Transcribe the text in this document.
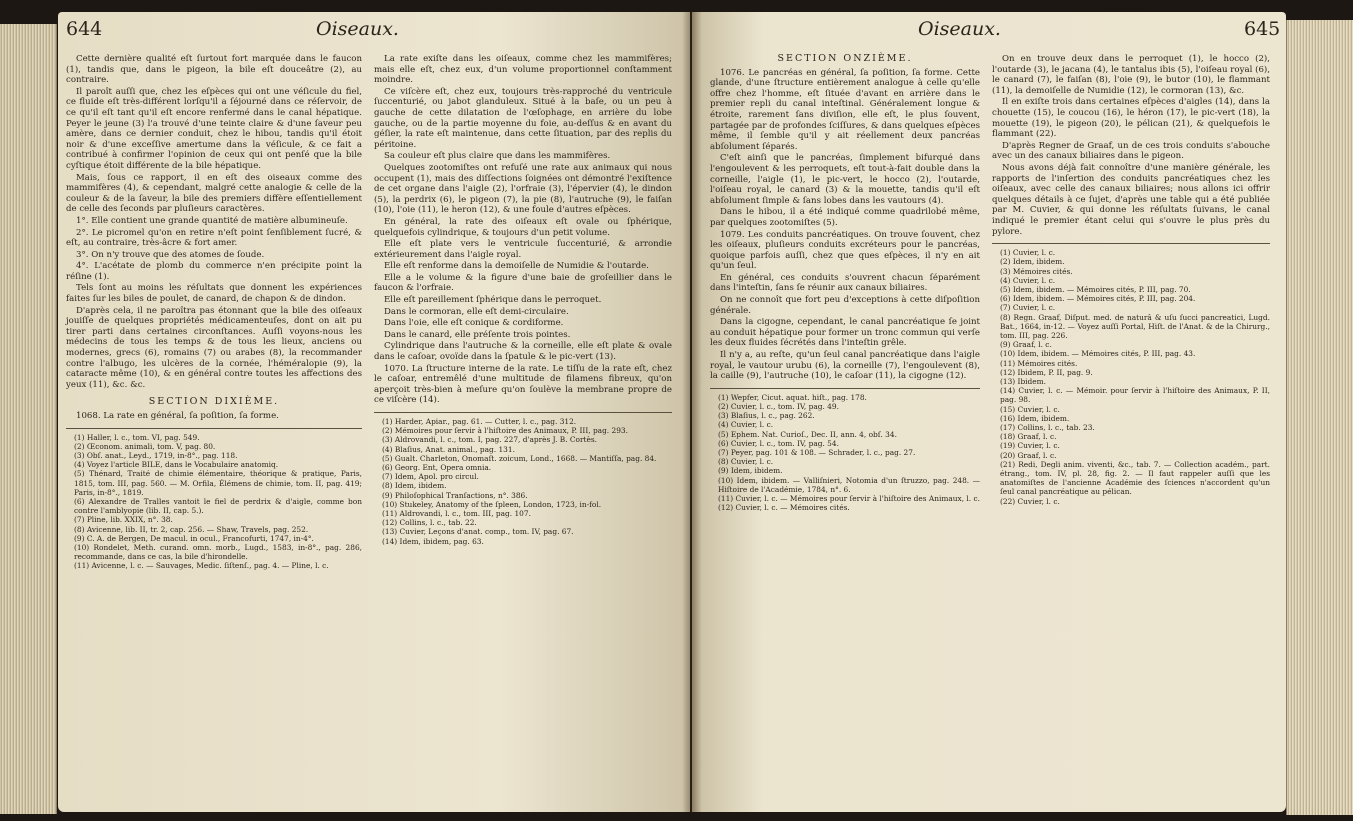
644	Oiseaux.

Cette dernière qualité eſt ſurtout fort marquée dans le faucon (1), tandis que, dans le pigeon, la bile eſt douceâtre (2), au contraire.

Il paroît auſſi que, chez les eſpèces qui ont une véſicule du fiel, ce fluide eſt très-différent lorſqu'il a ſéjourné dans ce réſervoir, de ce qu'il eſt tant qu'il eſt encore renfermé dans le canal hépatique. Peyer le jeune (3) l'a trouvé d'une teinte claire & d'une ſaveur peu amère, dans ce dernier conduit, chez le hibou, tandis qu'il étoit noir & d'une exceſſive amertume dans la véſicule, & ce fait a contribué à confirmer l'opinion de ceux qui ont penſé que la bile cyſtique étoit différente de la bile hépatique.

Mais, ſous ce rapport, il en eſt des oiseaux comme des mammifères (4), & cependant, malgré cette analogie & celle de la couleur & de la ſaveur, la bile des premiers diffère eſſentiellement de celle des ſeconds par pluſieurs caractères.

1°. Elle contient une grande quantité de matière albumineuſe.

2°. Le picromel qu'on en retire n'eſt point ſenſiblement ſucré, & eſt, au contraire, très-âcre & fort amer.

3°. On n'y trouve que des atomes de ſoude.

4°. L'acétate de plomb du commerce n'en précipite point la réſine (1).

Tels ſont au moins les réſultats que donnent les expériences faites ſur les biles de poulet, de canard, de chapon & de dindon.

D'après cela, il ne paroîtra pas étonnant que la bile des oiſeaux jouiſſe de quelques propriétés médicamenteuſes, dont on ait pu tirer parti dans certaines circonſtances. Auſſi voyons-nous les médecins de tous les temps & de tous les lieux, anciens ou modernes, grecs (6), romains (7) ou arabes (8), la recommander contre l'albugo, les ulcères de la cornée, l'héméralopie (9), la cataracte même (10), & en général contre toutes les affections des yeux (11), &c. &c.

SECTION DIXIÈME.

1068. La rate en général, ſa poſition, ſa forme.

(1) Haller, l. c., tom. VI, pag. 549.

(2) Œconom. animali, tom. V, pag. 80.

(3) Obſ. anat., Leyd., 1719, in-8°., pag. 118.

(4) Voyez l'article BILE, dans le Vocabulaire anatomiq.

(5) Thénard, Traité de chimie élémentaire, théorique & pratique, Paris, 1815, tom. III, pag. 560. — M. Orfila, Élémens de chimie, tom. II, pag. 419; Paris, in-8°., 1819.

(6) Alexandre de Tralles vantoit le fiel de perdrix & d'aigle, comme bon contre l'amblyopie (lib. II, cap. 5.).

(7) Pline, lib. XXIX, n°. 38.

(8) Avicenne, lib. II, tr. 2, cap. 256. — Shaw, Travels, pag. 252.

(9) C. A. de Bergen, De macul. in ocul., Francofurti, 1747, in-4°.

(10) Rondelet, Meth. curand. omn. morb., Lugd., 1583, in-8°., pag. 286, recommande, dans ce cas, la bile d'hirondelle.

(11) Avicenne, l. c. — Sauvages, Medic. ſiſtenſ., pag. 4. — Pline, l. c.

La rate exiſte dans les oiſeaux, comme chez les mammifères; mais elle eſt, chez eux, d'un volume proportionnel conſtamment moindre.

Ce viſcère eſt, chez eux, toujours très-rapproché du ventricule ſuccenturié, ou jabot glanduleux. Situé à la baſe, ou un peu à gauche de cette dilatation de l'œſophage, en arrière du lobe gauche, ou de la partie moyenne du foie, au-deſſus & en avant du géſier, la rate eſt maintenue, dans cette ſituation, par des replis du péritoine.

Sa couleur eſt plus claire que dans les mammifères.

Quelques zootomiſtes ont refuſé une rate aux animaux qui nous occupent (1), mais des diſſections ſoignées ont démontré l'exiſtence de cet organe dans l'aigle (2), l'orfraie (3), l'épervier (4), le dindon (5), la perdrix (6), le pigeon (7), la pie (8), l'autruche (9), le faiſan (10), l'oie (11), le heron (12), & une foule d'autres eſpèces.

En général, la rate des oiſeaux eſt ovale ou ſphérique, quelquefois cylindrique, & toujours d'un petit volume.

Elle eſt plate vers le ventricule ſuccenturié, & arrondie extérieurement dans l'aigle royal.

Elle eſt renforme dans la demoiſelle de Numidie & l'outarde.

Elle a le volume & la figure d'une baie de groſeillier dans le faucon & l'orfraie.

Elle eſt pareillement ſphérique dans le perroquet.

Dans le cormoran, elle eſt demi-circulaire.

Dans l'oie, elle eſt conique & cordiforme.

Dans le canard, elle préſente trois pointes.

Cylindrique dans l'autruche & la corneille, elle eſt plate & ovale dans le caſoar, ovoïde dans la ſpatule & le pic-vert (13).

1070. La ſtructure interne de la rate. Le tiſſu de la rate eſt, chez le caſoar, entremêlé d'une multitude de filamens fibreux, qu'on aperçoit très-bien à meſure qu'on ſoulève la membrane propre de ce viſcère (14).

(1) Harder, Apiar., pag. 61. — Cutter, l. c., pag. 312.

(2) Mémoires pour ſervir à l'hiſtoire des Animaux, P. III, pag. 293.

(3) Aldrovandi, l. c., tom. I, pag. 227, d'après J. B. Cortès.

(4) Blaſius, Anat. animal., pag. 131.

(5) Gualt. Charleton, Onomaſt. zoicum, Lond., 1668. — Mantiſſa, pag. 84.

(6) Georg. Ent, Opera omnia.

(7) Idem, Apol. pro circul.

(8) Idem, ibidem.

(9) Philoſophical Tranſactions, n°. 386.

(10) Stukeley, Anatomy of the ſpleen, London, 1723, in-fol.

(11) Aldrovandi, l. c., tom. III, pag. 107.

(12) Collins, l. c., tab. 22.

(13) Cuvier, Leçons d'anat. comp., tom. IV, pag. 67.

(14) Idem, ibidem, pag. 63.

Oiseaux.	645

SECTION ONZIÈME.

1076. Le pancréas en général, ſa poſition, ſa forme. Cette glande, d'une ſtructure entièrement analogue à celle qu'elle offre chez l'homme, eſt ſituée d'avant en arrière dans le premier repli du canal inteſtinal. Généralement longue & étroite, rarement ſans diviſion, elle eſt, le plus ſouvent, partagée par de profondes ſciſſures, & dans quelques eſpèces même, il ſemble qu'il y ait réellement deux pancréas abſolument ſéparés.

C'eſt ainſi que le pancréas, ſimplement bifurqué dans l'engoulevent & les perroquets, eſt tout-à-fait double dans la corneille, l'aigle (1), le pic-vert, le hocco (2), l'outarde, l'oiſeau royal, le canard (3) & la mouette, tandis qu'il eſt abſolument ſimple & ſans lobes dans les vautours (4).

Dans le hibou, il a été indiqué comme quadrilobé même, par quelques zootomiſtes (5).

1079. Les conduits pancréatiques. On trouve ſouvent, chez les oiſeaux, pluſieurs conduits excréteurs pour le pancréas, quoique parfois auſſi, chez que ques eſpèces, il n'y en ait qu'un ſeul.

En général, ces conduits s'ouvrent chacun ſéparément dans l'inteſtin, ſans ſe réunir aux canaux biliaires.

On ne connoît que fort peu d'exceptions à cette diſpoſition générale.

Dans la cigogne, cependant, le canal pancréatique ſe joint au conduit hépatique pour former un tronc commun qui verſe les deux fluides ſécrétés dans l'inteſtin grêle.

Il n'y a, au reſte, qu'un ſeul canal pancréatique dans l'aigle royal, le vautour urubu (6), la corneille (7), l'engoulevent (8), la caille (9), l'autruche (10), le caſoar (11), la cigogne (12).

(1) Wepfer, Cicut. aquat. hiſt., pag. 178.

(2) Cuvier, l. c., tom. IV, pag. 49.

(3) Blaſius, l. c., pag. 262.

(4) Cuvier, l. c.

(5) Ephem. Nat. Curioſ., Dec. II, ann. 4, obſ. 34.

(6) Cuvier, l. c., tom. IV, pag. 54.

(7) Peyer, pag. 101 & 108. — Schrader, l. c., pag. 27.

(8) Cuvier, l. c.

(9) Idem, ibidem.

(10) Idem, ibidem. — Valliſnieri, Notomia d'un ſtruzzo, pag. 248. — Hiſtoire de l'Académie, 1784, n°. 6.

(11) Cuvier, l. c. — Mémoires pour ſervir à l'hiſtoire des Animaux, l. c.

(12) Cuvier, l. c. — Mémoires cités.

On en trouve deux dans le perroquet (1), le hocco (2), l'outarde (3), le jacana (4), le tantalus ibis (5), l'oiſeau royal (6), le canard (7), le faiſan (8), l'oie (9), le butor (10), le flammant (11), la demoiſelle de Numidie (12), le cormoran (13), &c.

Il en exiſte trois dans certaines eſpèces d'aigles (14), dans la chouette (15), le coucou (16), le héron (17), le pic-vert (18), la mouette (19), le pigeon (20), le pélican (21), & quelquefois le flammant (22).

D'après Regner de Graaf, un de ces trois conduits s'abouche avec un des canaux biliaires dans le pigeon.

Nous avons déjà fait connoître d'une manière générale, les rapports de l'inſertion des conduits pancréatiques chez les oiſeaux, avec celle des canaux biliaires; nous allons ici offrir quelques détails à ce ſujet, d'après une table qui a été publiée par M. Cuvier, & qui donne les réſultats ſuivans, le canal indiqué le premier étant celui qui s'ouvre le plus près du pylore.

(1) Cuvier, l. c.

(2) Idem, ibidem.

(3) Mémoires cités.

(4) Cuvier, l. c.

(5) Idem, ibidem. — Mémoires cités, P. III, pag. 70.

(6) Idem, ibidem. — Mémoires cités, P. III, pag. 204.

(7) Cuvier, l. c.

(8) Regn. Graaf, Diſput. med. de naturâ & uſu ſucci pancreatici, Lugd. Bat., 1664, in-12. — Voyez auſſi Portal, Hiſt. de l'Anat. & de la Chirurg., tom. III, pag. 226.

(9) Graaf, l. c.

(10) Idem, ibidem. — Mémoires cités, P. III, pag. 43.

(11) Mémoires cités.

(12) Ibidem, P. II, pag. 9.

(13) Ibidem.

(14) Cuvier, l. c. — Mémoir. pour ſervir à l'hiſtoire des Animaux, P. II, pag. 98.

(15) Cuvier, l. c.

(16) Idem, ibidem.

(17) Collins, l. c., tab. 23.

(18) Graaf, l. c.

(19) Cuvier, l. c.

(20) Graaf, l. c.

(21) Redi, Degli anim. viventi, &c., tab. 7. — Collection académ., part. étrang., tom. IV, pl. 28, fig. 2. — Il faut rappeler auſſi que les anatomiſtes de l'ancienne Académie des ſciences n'accordent qu'un ſeul canal pancréatique au pélican.

(22) Cuvier, l. c.
